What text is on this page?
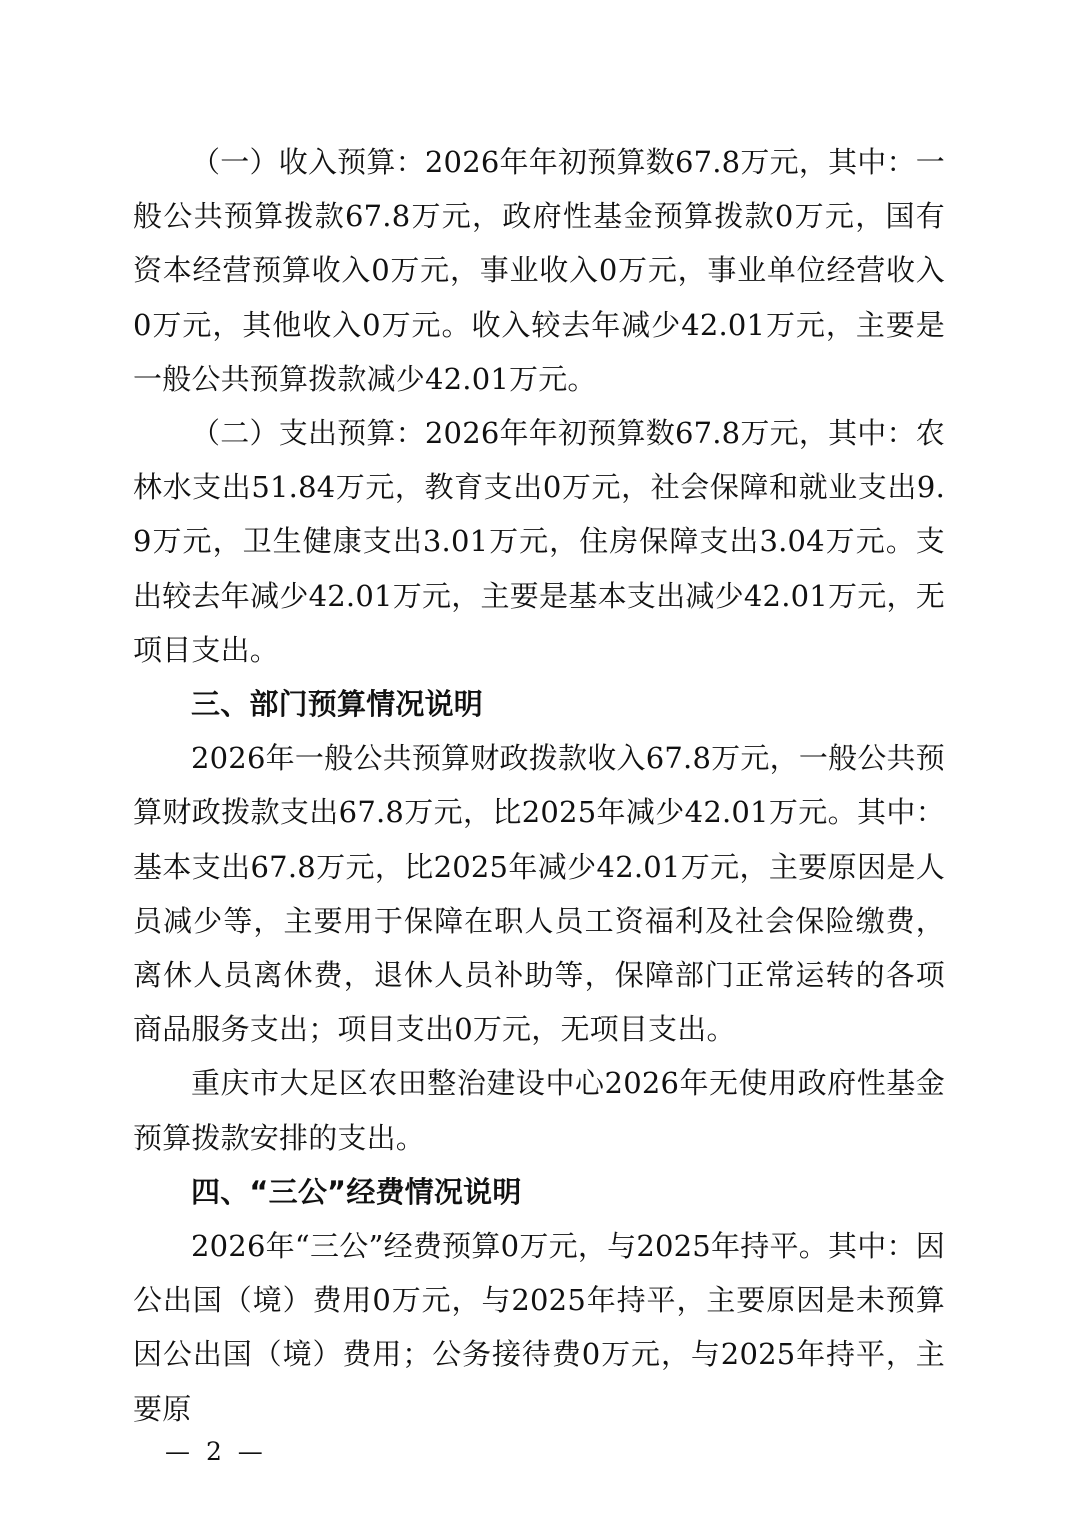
（一）收入预算：2026年年初预算数67.8万元，其中：一般公共预算拨款67.8万元，政府性基金预算拨款0万元，国有资本经营预算收入0万元，事业收入0万元，事业单位经营收入0万元，其他收入0万元。收入较去年减少42.01万元，主要是一般公共预算拨款减少42.01万元。

（二）支出预算：2026年年初预算数67.8万元，其中：农林水支出51.84万元，教育支出0万元，社会保障和就业支出9.9万元，卫生健康支出3.01万元，住房保障支出3.04万元。支出较去年减少42.01万元，主要是基本支出减少42.01万元，无项目支出。

三、部门预算情况说明

2026年一般公共预算财政拨款收入67.8万元，一般公共预算财政拨款支出67.8万元，比2025年减少42.01万元。其中：基本支出67.8万元，比2025年减少42.01万元，主要原因是人员减少等，主要用于保障在职人员工资福利及社会保险缴费，离休人员离休费，退休人员补助等，保障部门正常运转的各项商品服务支出；项目支出0万元，无项目支出。

重庆市大足区农田整治建设中心2026年无使用政府性基金预算拨款安排的支出。

四、“三公”经费情况说明

2026年“三公”经费预算0万元，与2025年持平。其中：因公出国（境）费用0万元，与2025年持平，主要原因是未预算因公出国（境）费用；公务接待费0万元，与2025年持平，主要原

— 2 —
